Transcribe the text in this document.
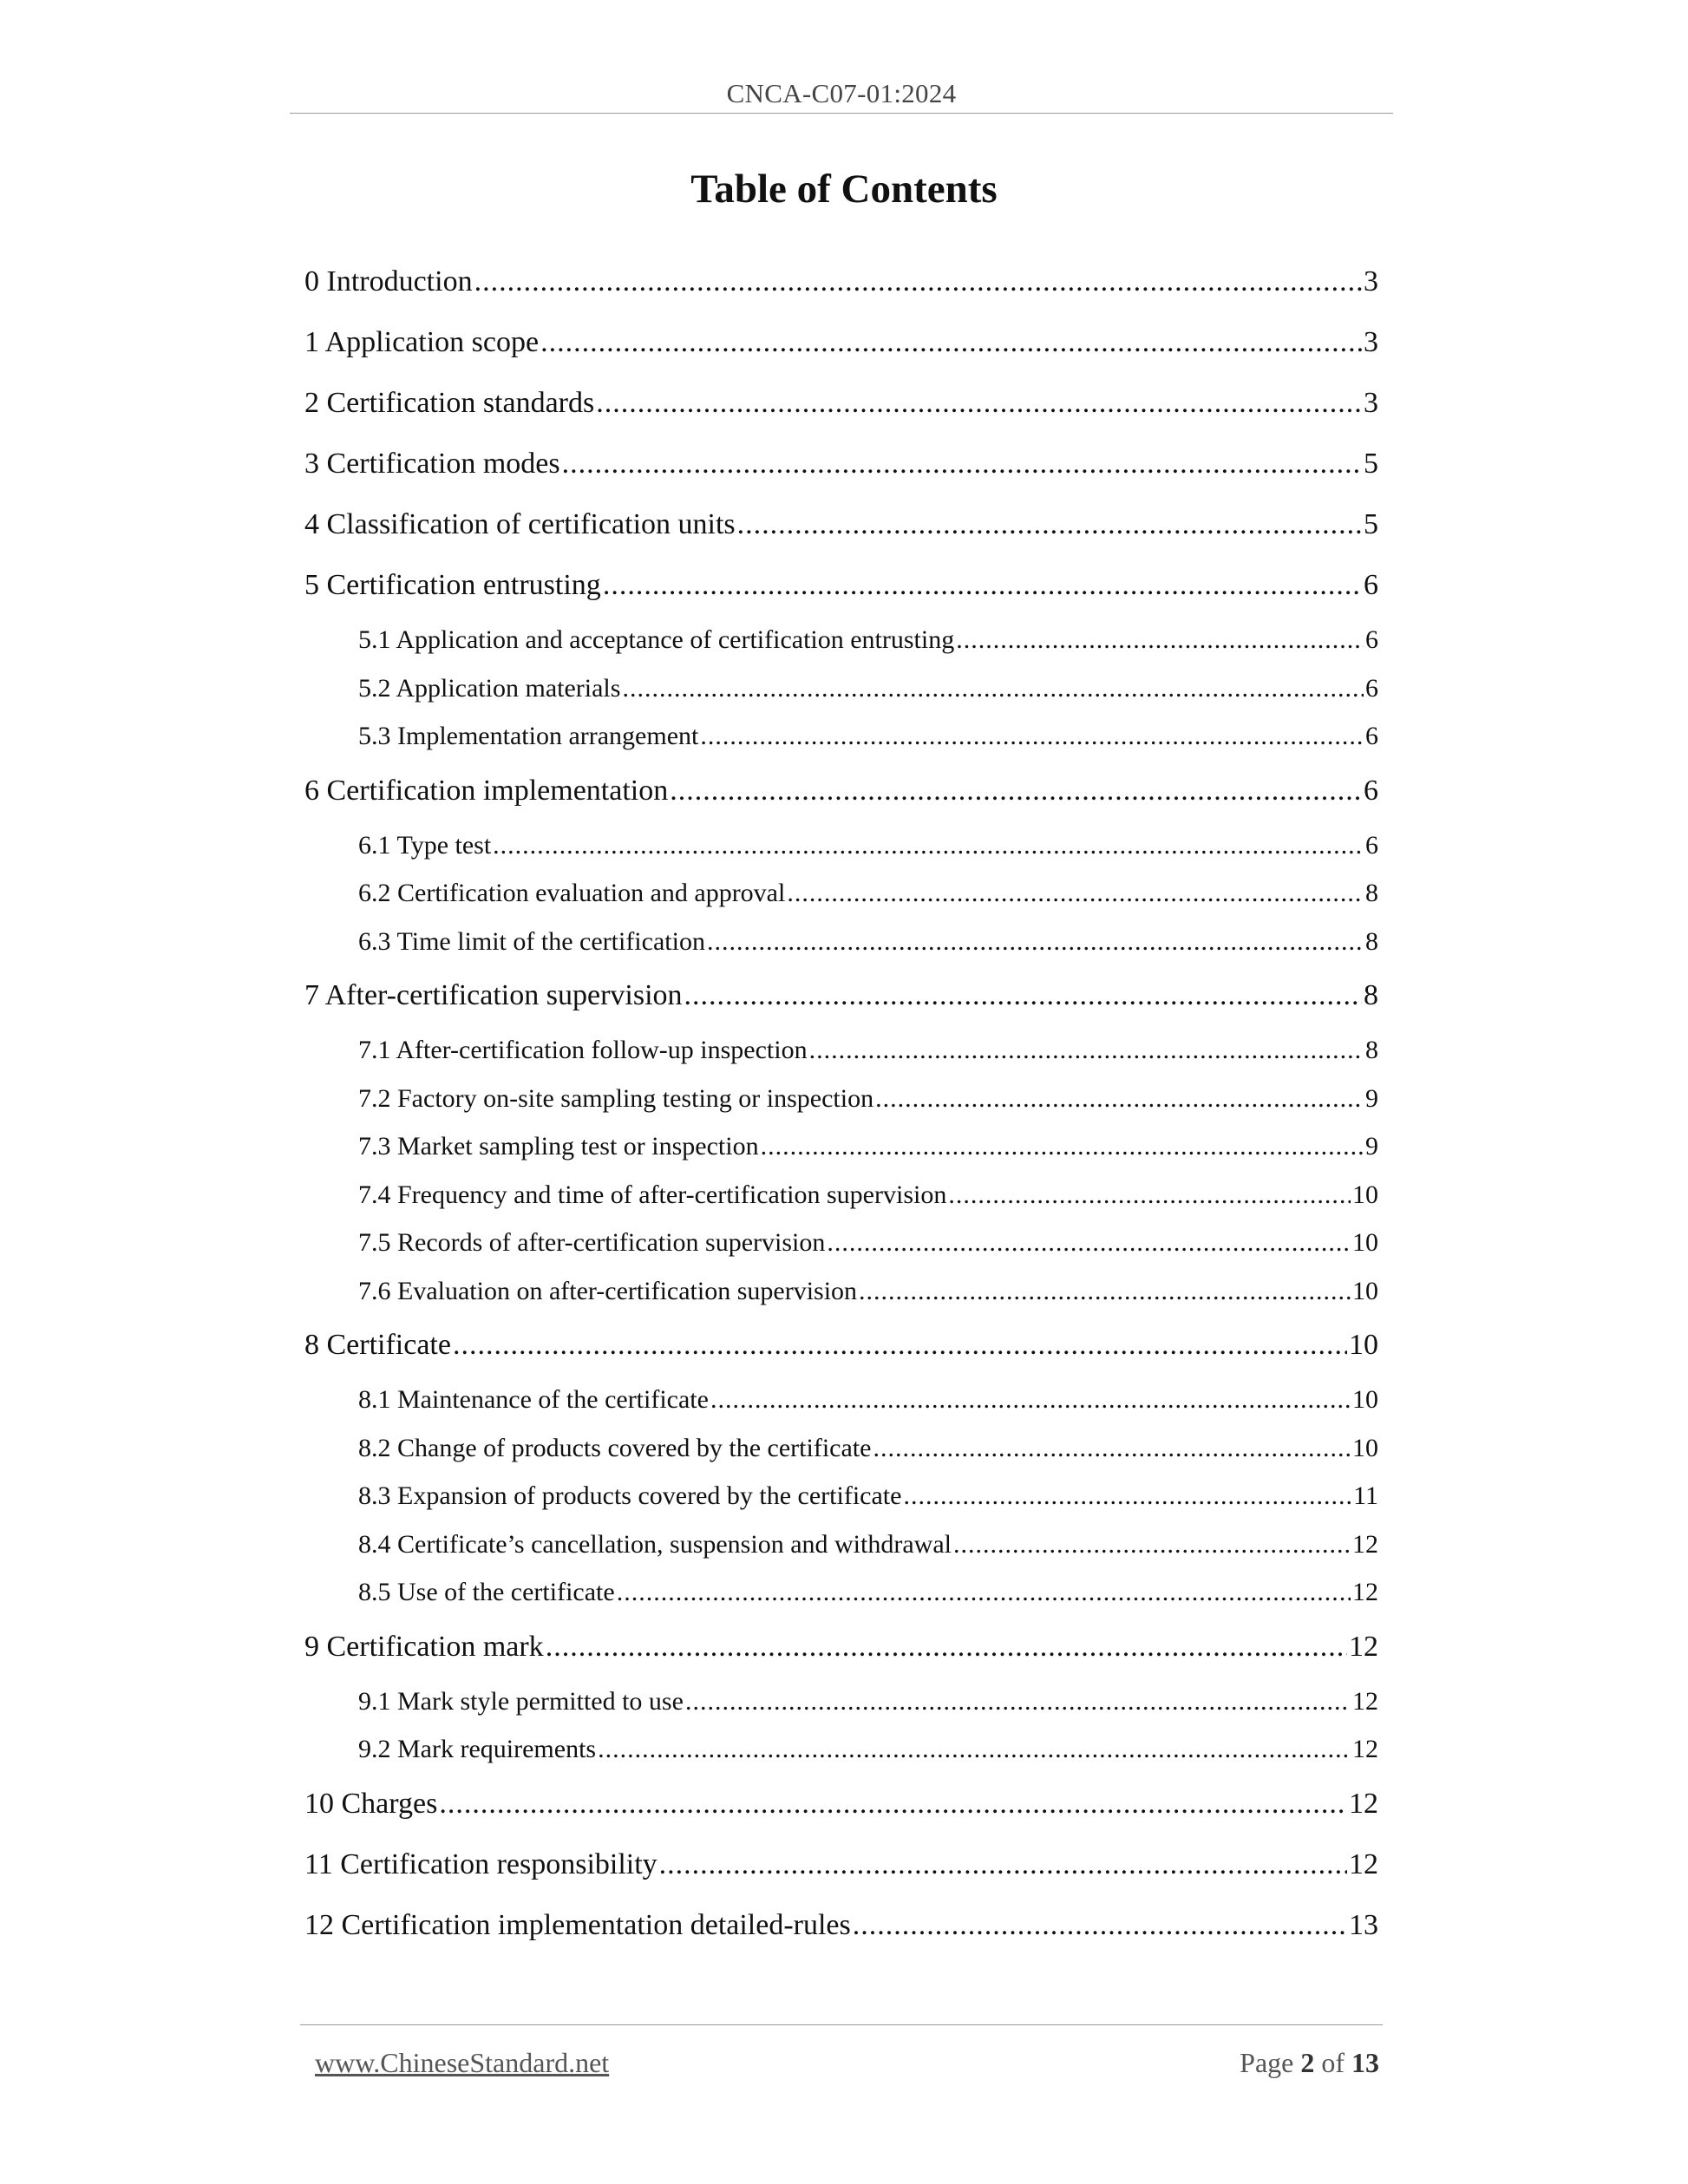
CNCA-C07-01:2024
Table of Contents
0 Introduction .....	3
1 Application scope .....	3
2 Certification standards .....	3
3 Certification modes .....	5
4 Classification of certification units .....	5
5 Certification entrusting .....	6
5.1 Application and acceptance of certification entrusting .....	6
5.2 Application materials .....	6
5.3 Implementation arrangement .....	6
6 Certification implementation .....	6
6.1 Type test .....	6
6.2 Certification evaluation and approval .....	8
6.3 Time limit of the certification .....	8
7 After-certification supervision .....	8
7.1 After-certification follow-up inspection .....	8
7.2 Factory on-site sampling testing or inspection .....	9
7.3 Market sampling test or inspection .....	9
7.4 Frequency and time of after-certification supervision .....	10
7.5 Records of after-certification supervision .....	10
7.6 Evaluation on after-certification supervision .....	10
8 Certificate .....	10
8.1 Maintenance of the certificate .....	10
8.2 Change of products covered by the certificate .....	10
8.3 Expansion of products covered by the certificate .....	11
8.4 Certificate’s cancellation, suspension and withdrawal .....	12
8.5 Use of the certificate .....	12
9 Certification mark .....	12
9.1 Mark style permitted to use .....	12
9.2 Mark requirements .....	12
10 Charges .....	12
11 Certification responsibility .....	12
12 Certification implementation detailed-rules .....	13
www.ChineseStandard.net	Page 2 of 13
